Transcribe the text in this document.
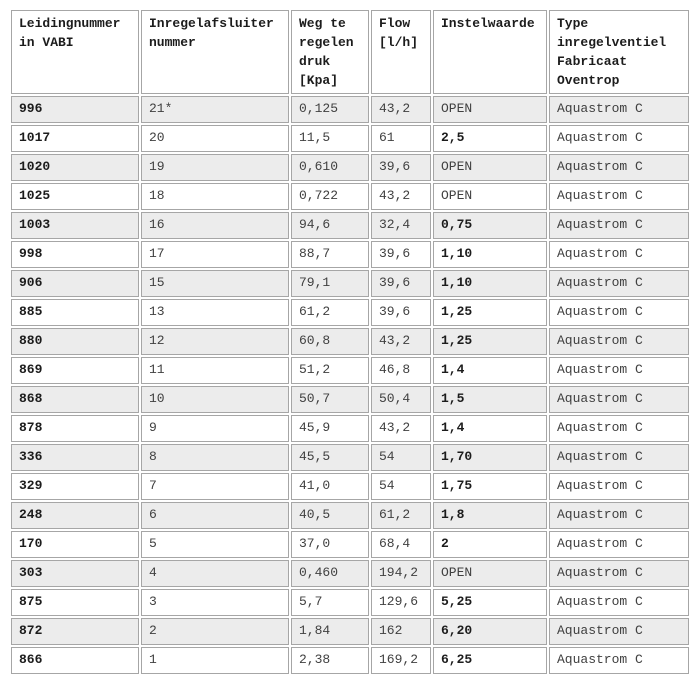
Leidingnummer in VABI	Inregelafsluiter nummer	Weg te regelen druk [Kpa]	Flow [l/h]	Instelwaarde	Type inregelventiel Fabricaat Oventrop
996	21*	0,125	43,2	OPEN	Aquastrom C
1017	20	11,5	61	2,5	Aquastrom C
1020	19	0,610	39,6	OPEN	Aquastrom C
1025	18	0,722	43,2	OPEN	Aquastrom C
1003	16	94,6	32,4	0,75	Aquastrom C
998	17	88,7	39,6	1,10	Aquastrom C
906	15	79,1	39,6	1,10	Aquastrom C
885	13	61,2	39,6	1,25	Aquastrom C
880	12	60,8	43,2	1,25	Aquastrom C
869	11	51,2	46,8	1,4	Aquastrom C
868	10	50,7	50,4	1,5	Aquastrom C
878	9	45,9	43,2	1,4	Aquastrom C
336	8	45,5	54	1,70	Aquastrom C
329	7	41,0	54	1,75	Aquastrom C
248	6	40,5	61,2	1,8	Aquastrom C
170	5	37,0	68,4	2	Aquastrom C
303	4	0,460	194,2	OPEN	Aquastrom C
875	3	5,7	129,6	5,25	Aquastrom C
872	2	1,84	162	6,20	Aquastrom C
866	1	2,38	169,2	6,25	Aquastrom C
